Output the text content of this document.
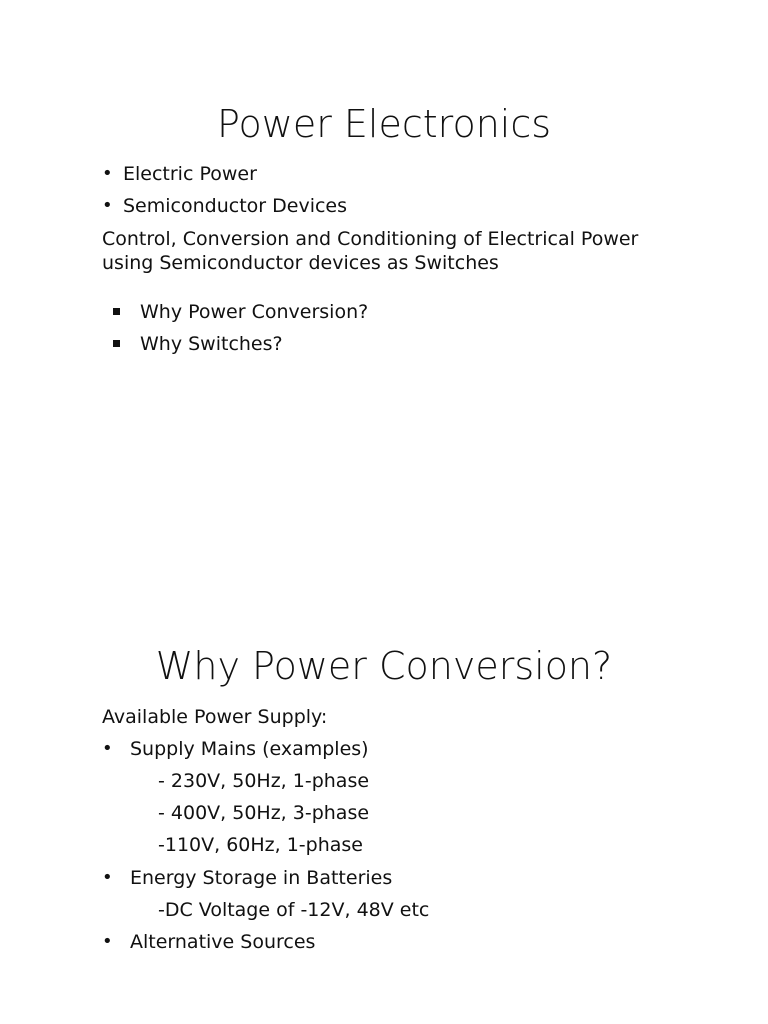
Power Electronics
• Electric Power
• Semiconductor Devices
Control, Conversion and Conditioning of Electrical Power
using Semiconductor devices as Switches
Why Power Conversion?
Why Switches?
Why Power Conversion?
Available Power Supply:
• Supply Mains (examples)
- 230V, 50Hz, 1-phase
- 400V, 50Hz, 3-phase
-110V, 60Hz, 1-phase
• Energy Storage in Batteries
-DC Voltage of -12V, 48V etc
• Alternative Sources
